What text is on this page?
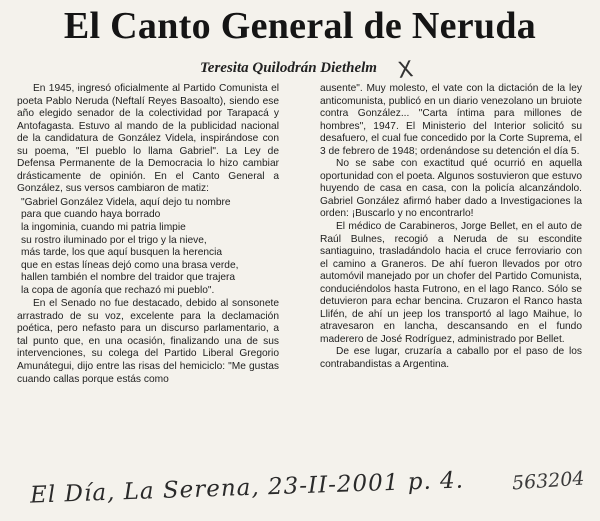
El Canto General de Neruda
Teresita Quilodrán Diethelm X

En 1945, ingresó oficialmente al Partido Comunista el poeta Pablo Neruda (Neftalí Reyes Basoalto), siendo ese año elegido senador de la colectividad por Tarapacá y Antofagasta. Estuvo al mando de la publicidad nacional de la candidatura de González Videla, inspirándose con su poema, "El pueblo lo llama Gabriel". La Ley de Defensa Permanente de la Democracia lo hizo cambiar drásticamente de opinión. En el Canto General a González, sus versos cambiaron de matiz:

"Gabriel González Videla, aquí dejo tu nombre
para que cuando haya borrado
la ingominia, cuando mi patria limpie
su rostro iluminado por el trigo y la nieve,
más tarde, los que aquí busquen la herencia
que en estas líneas dejó como una brasa verde,
hallen también el nombre del traidor que trajera
la copa de agonía que rechazó mi pueblo".

En el Senado no fue destacado, debido al sonsonete arrastrado de su voz, excelente para la declamación poética, pero nefasto para un discurso parlamentario, a tal punto que, en una ocasión, finalizando una de sus intervenciones, su colega del Partido Liberal Gregorio Amunátegui, dijo entre las risas del hemiciclo: "Me gustas cuando callas porque estás como

ausente". Muy molesto, el vate con la dictación de la ley anticomunista, publicó en un diario venezolano un bruiote contra González... "Carta íntima para millones de hombres", 1947. El Ministerio del Interior solicitó su desafuero, el cual fue concedido por la Corte Suprema, el 3 de febrero de 1948; ordenándose su detención el día 5.

No se sabe con exactitud qué ocurrió en aquella oportunidad con el poeta. Algunos sostuvieron que estuvo huyendo de casa en casa, con la policía alcanzándolo. Gabriel González afirmó haber dado a Investigaciones la orden: ¡Buscarlo y no encontrarlo!

El médico de Carabineros, Jorge Bellet, en el auto de Raúl Bulnes, recogió a Neruda de su escondite santiaguino, trasladándolo hacia el cruce ferroviario con el camino a Graneros. De ahí fueron llevados por otro automóvil manejado por un chofer del Partido Comunista, conduciéndolos hasta Futrono, en el lago Ranco. Sólo se detuvieron para echar bencina. Cruzaron el Ranco hasta Llifén, de ahí un jeep los transportó al lago Maihue, lo atravesaron en lancha, descansando en el fundo maderero de José Rodríguez, administrado por Bellet.

De ese lugar, cruzaría a caballo por el paso de los contrabandistas a Argentina.

El Día, La Serena, 23-II-2001 p. 4. 563204
